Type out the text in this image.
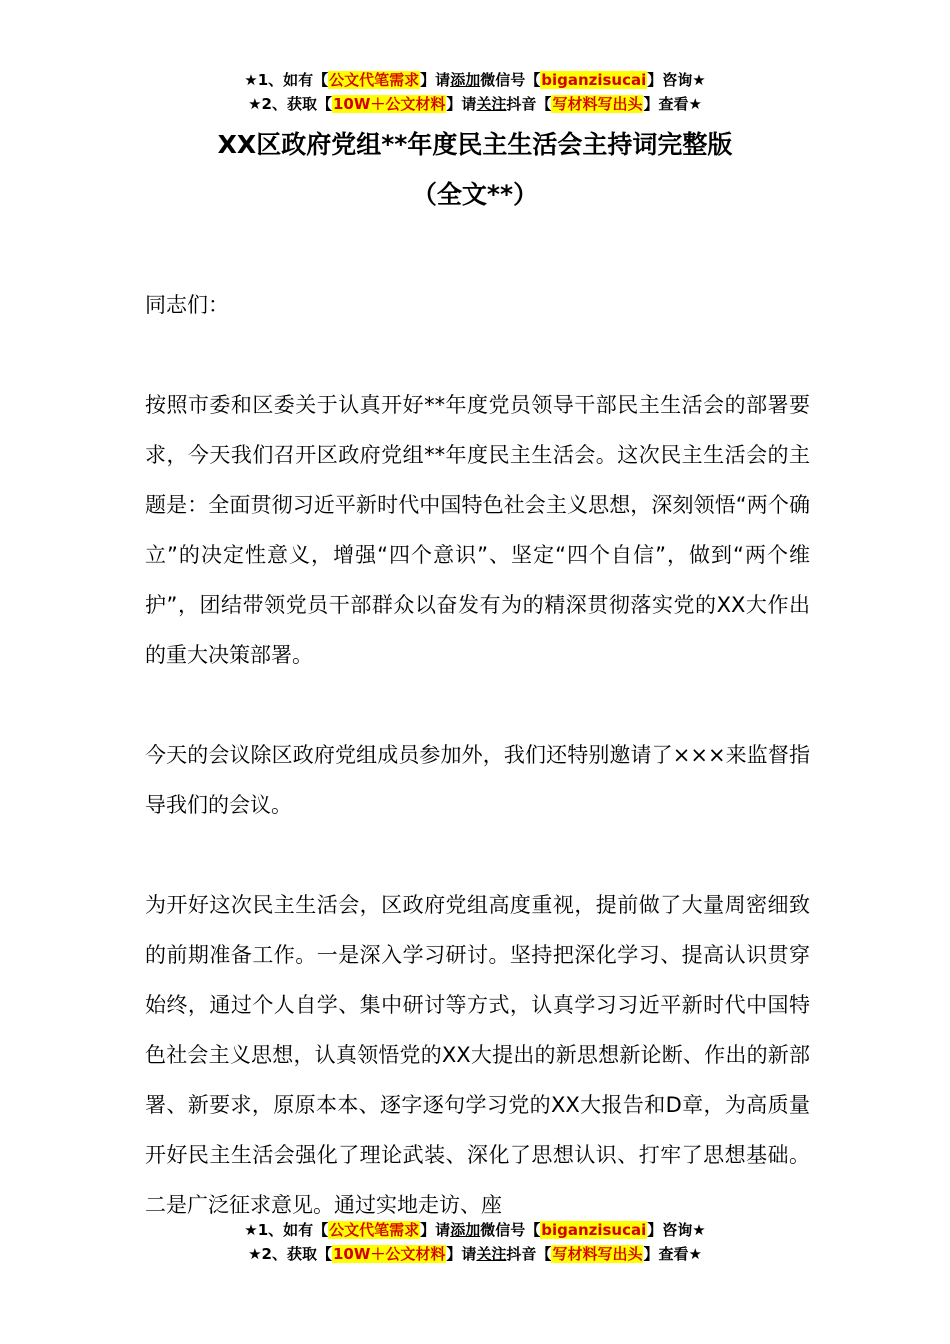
★1、如有【公文代笔需求】请添加微信号【biganzisucai】咨询★
★2、获取【10W＋公文材料】请关注抖音【写材料写出头】查看★
XX区政府党组**年度民主生活会主持词完整版
（全文**）

同志们：

按照市委和区委关于认真开好**年度党员领导干部民主生活会的部署要求，今天我们召开区政府党组**年度民主生活会。这次民主生活会的主题是：全面贯彻习近平新时代中国特色社会主义思想，深刻领悟“两个确立”的决定性意义，增强“四个意识”、坚定“四个自信”，做到“两个维护”，团结带领党员干部群众以奋发有为的精深贯彻落实党的XX大作出的重大决策部署。

今天的会议除区政府党组成员参加外，我们还特别邀请了×××来监督指导我们的会议。

为开好这次民主生活会，区政府党组高度重视，提前做了大量周密细致的前期准备工作。一是深入学习研讨。坚持把深化学习、提高认识贯穿始终，通过个人自学、集中研讨等方式，认真学习习近平新时代中国特色社会主义思想，认真领悟党的XX大提出的新思想新论断、作出的新部署、新要求，原原本本、逐字逐句学习党的XX大报告和D章，为高质量开好民主生活会强化了理论武装、深化了思想认识、打牢了思想基础。二是广泛征求意见。通过实地走访、座

★1、如有【公文代笔需求】请添加微信号【biganzisucai】咨询★
★2、获取【10W＋公文材料】请关注抖音【写材料写出头】查看★
